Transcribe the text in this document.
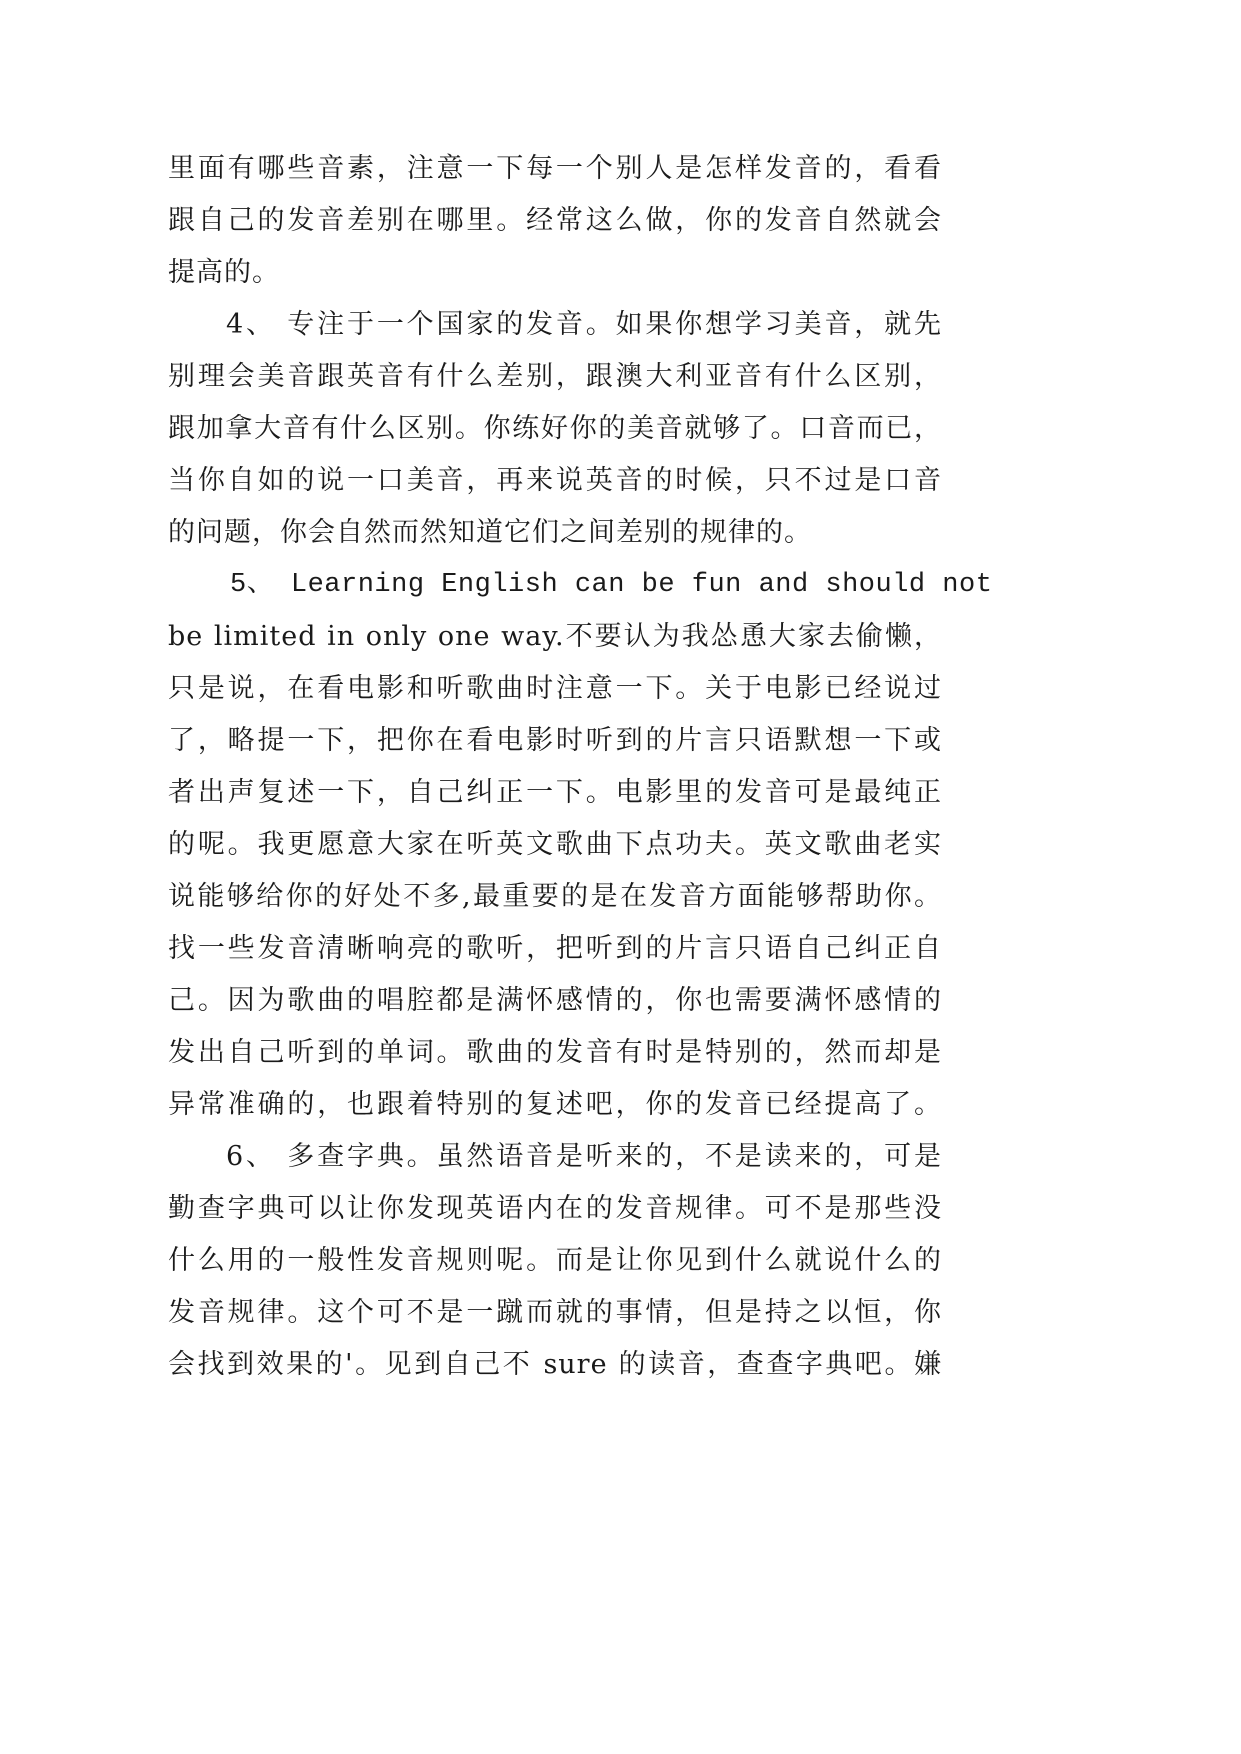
里面有哪些音素，注意一下每一个别人是怎样发音的，看看
跟自己的发音差别在哪里。经常这么做，你的发音自然就会
提高的。
4、 专注于一个国家的发音。如果你想学习美音，就先
别理会美音跟英音有什么差别，跟澳大利亚音有什么区别，
跟加拿大音有什么区别。你练好你的美音就够了。口音而已，
当你自如的说一口美音，再来说英音的时候，只不过是口音
的问题，你会自然而然知道它们之间差别的规律的。
5、 Learning English can be fun and should not
be limited in only one way.不要认为我怂恿大家去偷懒，
只是说，在看电影和听歌曲时注意一下。关于电影已经说过
了，略提一下，把你在看电影时听到的片言只语默想一下或
者出声复述一下，自己纠正一下。电影里的发音可是最纯正
的呢。我更愿意大家在听英文歌曲下点功夫。英文歌曲老实
说能够给你的好处不多,最重要的是在发音方面能够帮助你。
找一些发音清晰响亮的歌听，把听到的片言只语自己纠正自
己。因为歌曲的唱腔都是满怀感情的，你也需要满怀感情的
发出自己听到的单词。歌曲的发音有时是特别的，然而却是
异常准确的，也跟着特别的复述吧，你的发音已经提高了。
6、 多查字典。虽然语音是听来的，不是读来的，可是
勤查字典可以让你发现英语内在的发音规律。可不是那些没
什么用的一般性发音规则呢。而是让你见到什么就说什么的
发音规律。这个可不是一蹴而就的事情，但是持之以恒，你
会找到效果的'。见到自己不 sure 的读音，查查字典吧。嫌
